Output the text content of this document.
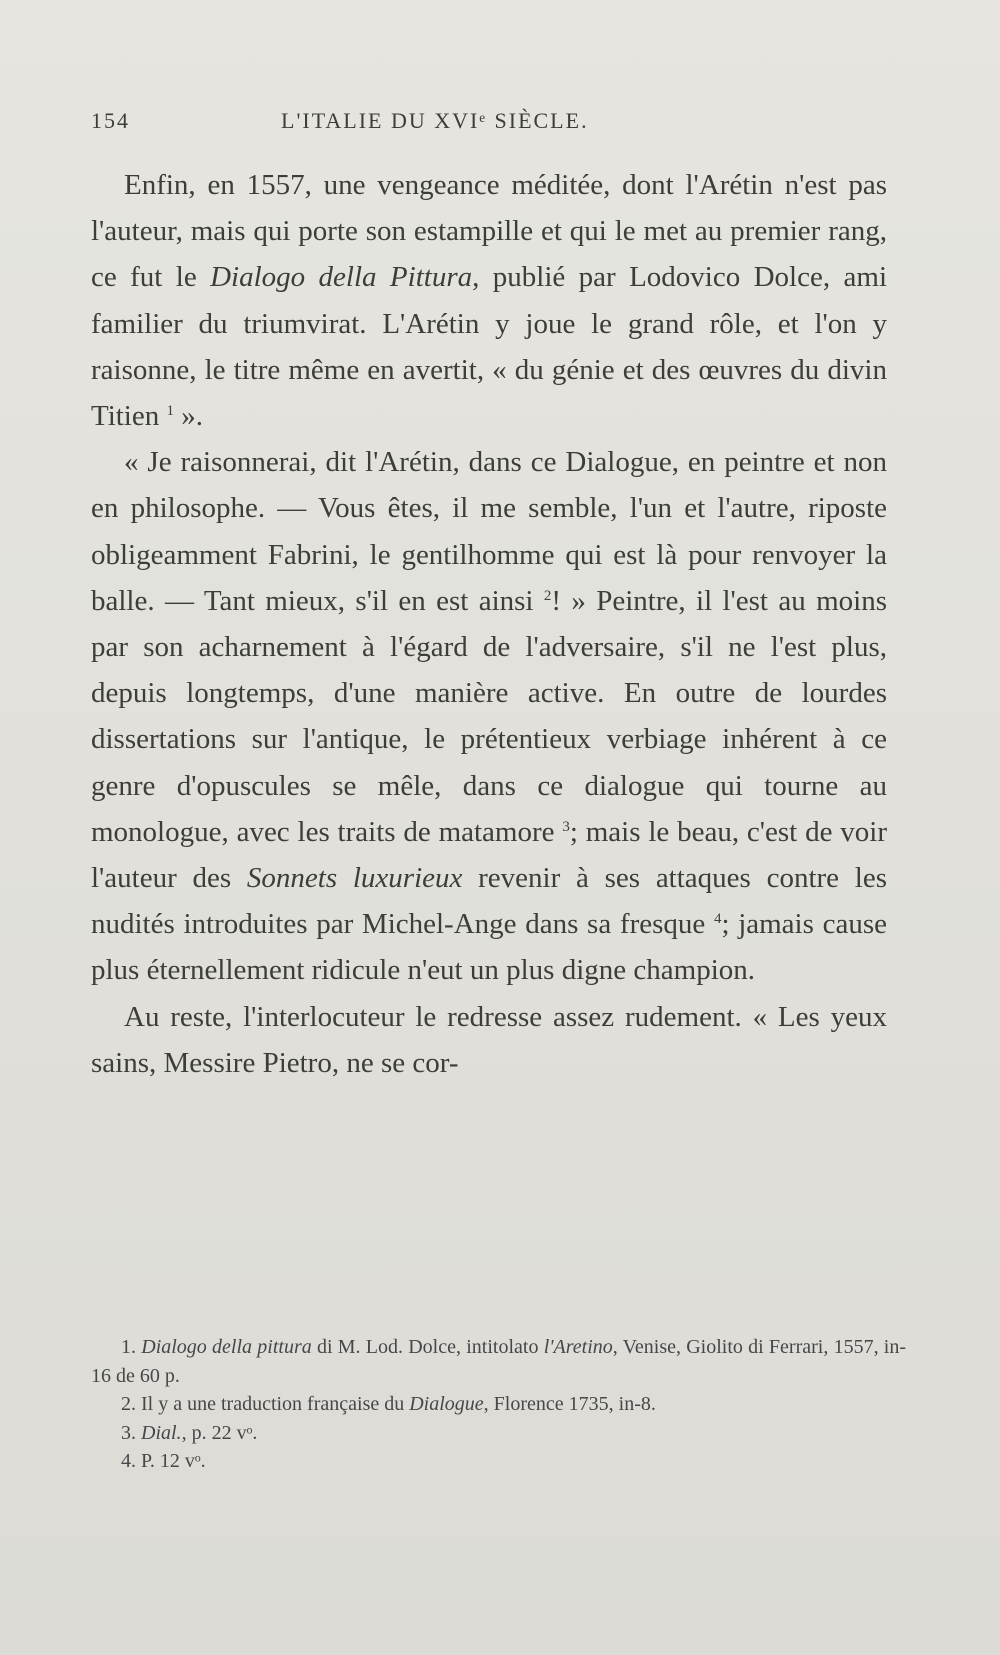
154	L'ITALIE DU XVIᵉ SIÈCLE.

Enfin, en 1557, une vengeance méditée, dont l'Arétin n'est pas l'auteur, mais qui porte son estampille et qui le met au premier rang, ce fut le Dialogo della Pittura, publié par Lodovico Dolce, ami familier du triumvirat. L'Arétin y joue le grand rôle, et l'on y raisonne, le titre même en avertit, « du génie et des œuvres du divin Titien $^1$ ».

« Je raisonnerai, dit l'Arétin, dans ce Dialogue, en peintre et non en philosophe. — Vous êtes, il me semble, l'un et l'autre, riposte obligeamment Fabrini, le gentilhomme qui est là pour renvoyer la balle. — Tant mieux, s'il en est ainsi $^2$! » Peintre, il l'est au moins par son acharnement à l'égard de l'adversaire, s'il ne l'est plus, depuis longtemps, d'une manière active. En outre de lourdes dissertations sur l'antique, le prétentieux verbiage inhérent à ce genre d'opuscules se mêle, dans ce dialogue qui tourne au monologue, avec les traits de matamore $^3$; mais le beau, c'est de voir l'auteur des Sonnets luxurieux revenir à ses attaques contre les nudités introduites par Michel-Ange dans sa fresque $^4$; jamais cause plus éternellement ridicule n'eut un plus digne champion.

Au reste, l'interlocuteur le redresse assez rudement. « Les yeux sains, Messire Pietro, ne se cor-

1. Dialogo della pittura di M. Lod. Dolce, intitolato l'Aretino, Venise, Giolito di Ferrari, 1557, in-16 de 60 p.

2. Il y a une traduction française du Dialogue, Florence 1735, in-8.

3. Dial., p. 22 vᵒ.

4. P. 12 vᵒ.
